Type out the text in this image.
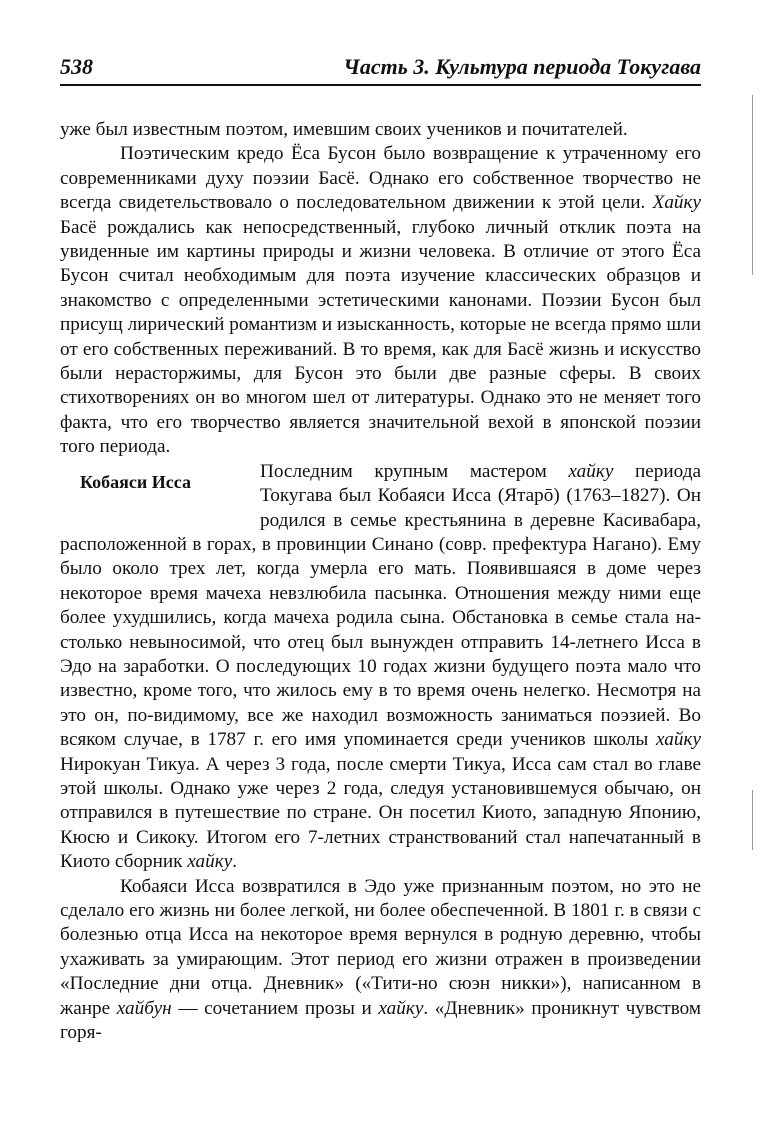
538	Часть 3. Культура периода Токугава

уже был известным поэтом, имевшим своих учеников и почитателей.

Поэтическим кредо Ёса Бусон было возвращение к утраченному его современниками духу поэзии Басё. Однако его собственное творчество не всегда свидетельствовало о последовательном движении к этой цели. Хайку Басё рождались как непосредственный, глубоко личный отклик поэта на увиденные им картины природы и жизни человека. В отличие от этого Ёса Бусон считал необходимым для поэта изучение классических образцов и знакомство с определенными эстетическими канонами. Поэзии Бусон был присущ лирический романтизм и изысканность, которые не всегда прямо шли от его собственных переживаний. В то время, как для Басё жизнь и искусство были нерасторжимы, для Бусон это были две разные сферы. В своих стихотворениях он во многом шел от литературы. Однако это не меняет того факта, что его творчество является значительной вехой в японской поэзии того периода.

Кобаяси Исса	Последним крупным мастером хайку периода Токугава был Кобаяси Исса (Ятарō) (1763–1827). Он родился в семье крестьянина в деревне Касивабара, расположенной в горах, в провинции Синано (совр. префектура Нагано). Ему было около трех лет, когда умерла его мать. Появившаяся в доме через некоторое время мачеха невзлюбила пасынка. Отношения между ними еще более ухудшились, когда мачеха родила сына. Обстановка в семье стала настолько невыносимой, что отец был вынужден отправить 14-летнего Исса в Эдо на заработки. О последующих 10 годах жизни будущего поэта мало что известно, кроме того, что жилось ему в то время очень нелегко. Несмотря на это он, по-видимому, все же находил возможность заниматься поэзией. Во всяком случае, в 1787 г. его имя упоминается среди учеников школы хайку Нирокуан Тикуа. А через 3 года, после смерти Тикуа, Исса сам стал во главе этой школы. Однако уже через 2 года, следуя установившемуся обычаю, он отправился в путешествие по стране. Он посетил Киото, западную Японию, Кюсю и Сикоку. Итогом его 7-летних странствований стал напечатанный в Киото сборник хайку.

Кобаяси Исса возвратился в Эдо уже признанным поэтом, но это не сделало его жизнь ни более легкой, ни более обеспеченной. В 1801 г. в связи с болезнью отца Исса на некоторое время вернулся в родную деревню, чтобы ухаживать за умирающим. Этот период его жизни отражен в произведении «Последние дни отца. Дневник» («Тити-но сюэн никки»), написанном в жанре хайбун — сочетанием прозы и хайку. «Дневник» проникнут чувством горя-
